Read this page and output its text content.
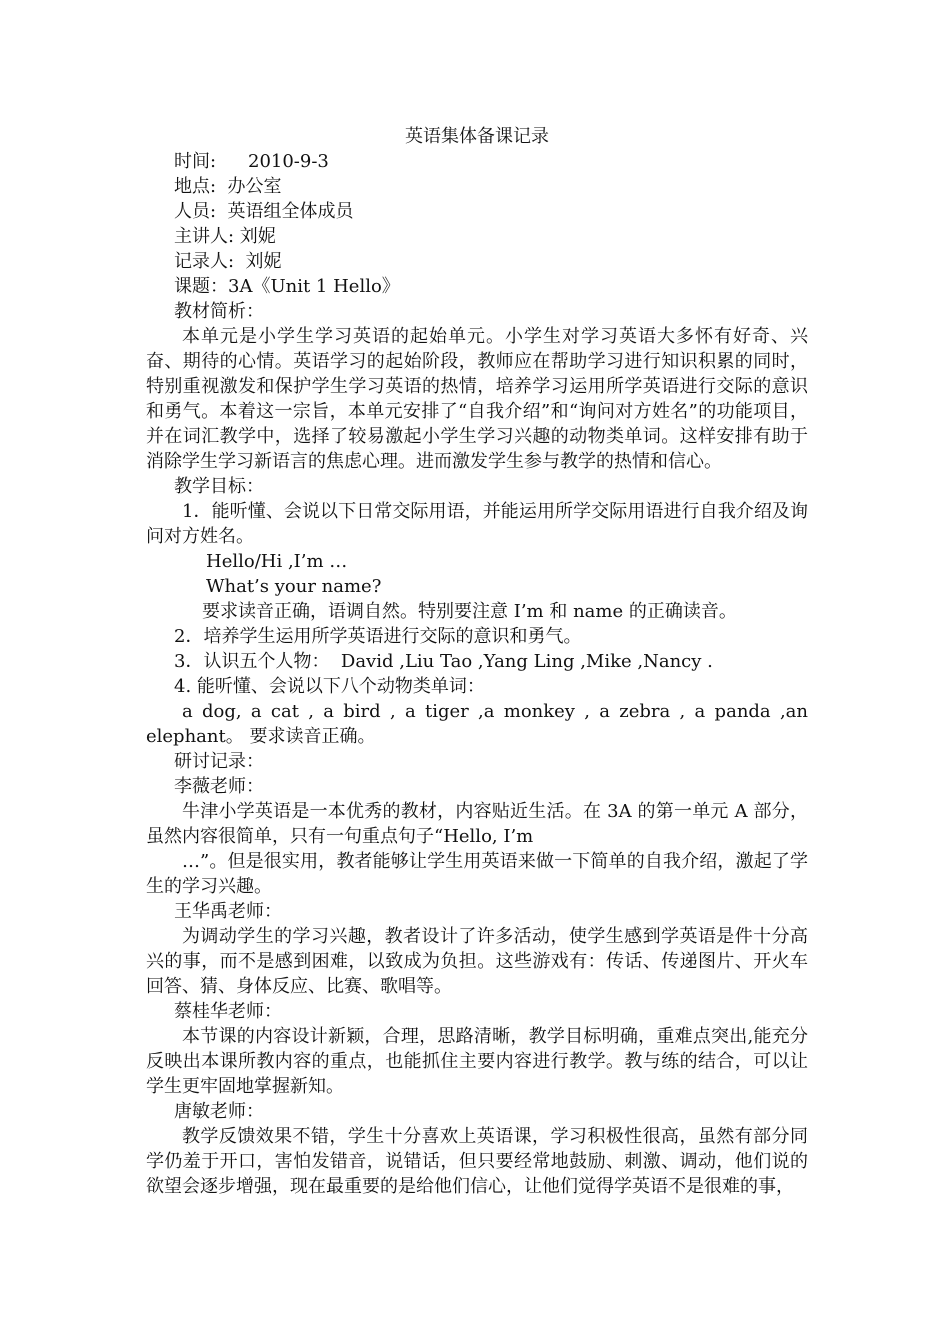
英语集体备课记录
时间:	2010-9-3
地点:  办公室
人员:  英语组全体成员
主讲人: 刘妮
记录人:  刘妮
课题：3A《Unit 1 Hello》
教材简析：
本单元是小学生学习英语的起始单元。小学生对学习英语大多怀有好奇、兴奋、期待的心情。英语学习的起始阶段，教师应在帮助学习进行知识积累的同时，特别重视激发和保护学生学习英语的热情，培养学习运用所学英语进行交际的意识和勇气。本着这一宗旨，本单元安排了“自我介绍”和“询问对方姓名”的功能项目，并在词汇教学中，选择了较易激起小学生学习兴趣的动物类单词。这样安排有助于消除学生学习新语言的焦虑心理。进而激发学生参与教学的热情和信心。
教学目标：
1．能听懂、会说以下日常交际用语，并能运用所学交际用语进行自我介绍及询问对方姓名。
Hello/Hi ,I’m …
What’s your name?
要求读音正确，语调自然。特别要注意 I’m 和 name 的正确读音。
2．培养学生运用所学英语进行交际的意识和勇气。
3．认识五个人物：  David ,Liu Tao ,Yang Ling ,Mike ,Nancy .
4. 能听懂、会说以下八个动物类单词：
a dog, a cat , a bird , a tiger ,a monkey , a zebra , a panda ,an elephant。 要求读音正确。
研讨记录：
李薇老师：
牛津小学英语是一本优秀的教材，内容贴近生活。在 3A 的第一单元 A 部分，虽然内容很简单，只有一句重点句子“Hello, I’m
…”。但是很实用，教者能够让学生用英语来做一下简单的自我介绍，激起了学生的学习兴趣。
王华禹老师：
为调动学生的学习兴趣，教者设计了许多活动，使学生感到学英语是件十分高兴的事，而不是感到困难，以致成为负担。这些游戏有：传话、传递图片、开火车回答、猜、身体反应、比赛、歌唱等。
蔡桂华老师：
本节课的内容设计新颖，合理，思路清晰，教学目标明确，重难点突出,能充分反映出本课所教内容的重点，也能抓住主要内容进行教学。教与练的结合，可以让学生更牢固地掌握新知。
唐敏老师：
教学反馈效果不错，学生十分喜欢上英语课，学习积极性很高，虽然有部分同学仍羞于开口，害怕发错音，说错话，但只要经常地鼓励、刺激、调动，他们说的欲望会逐步增强，现在最重要的是给他们信心，让他们觉得学英语不是很难的事，
